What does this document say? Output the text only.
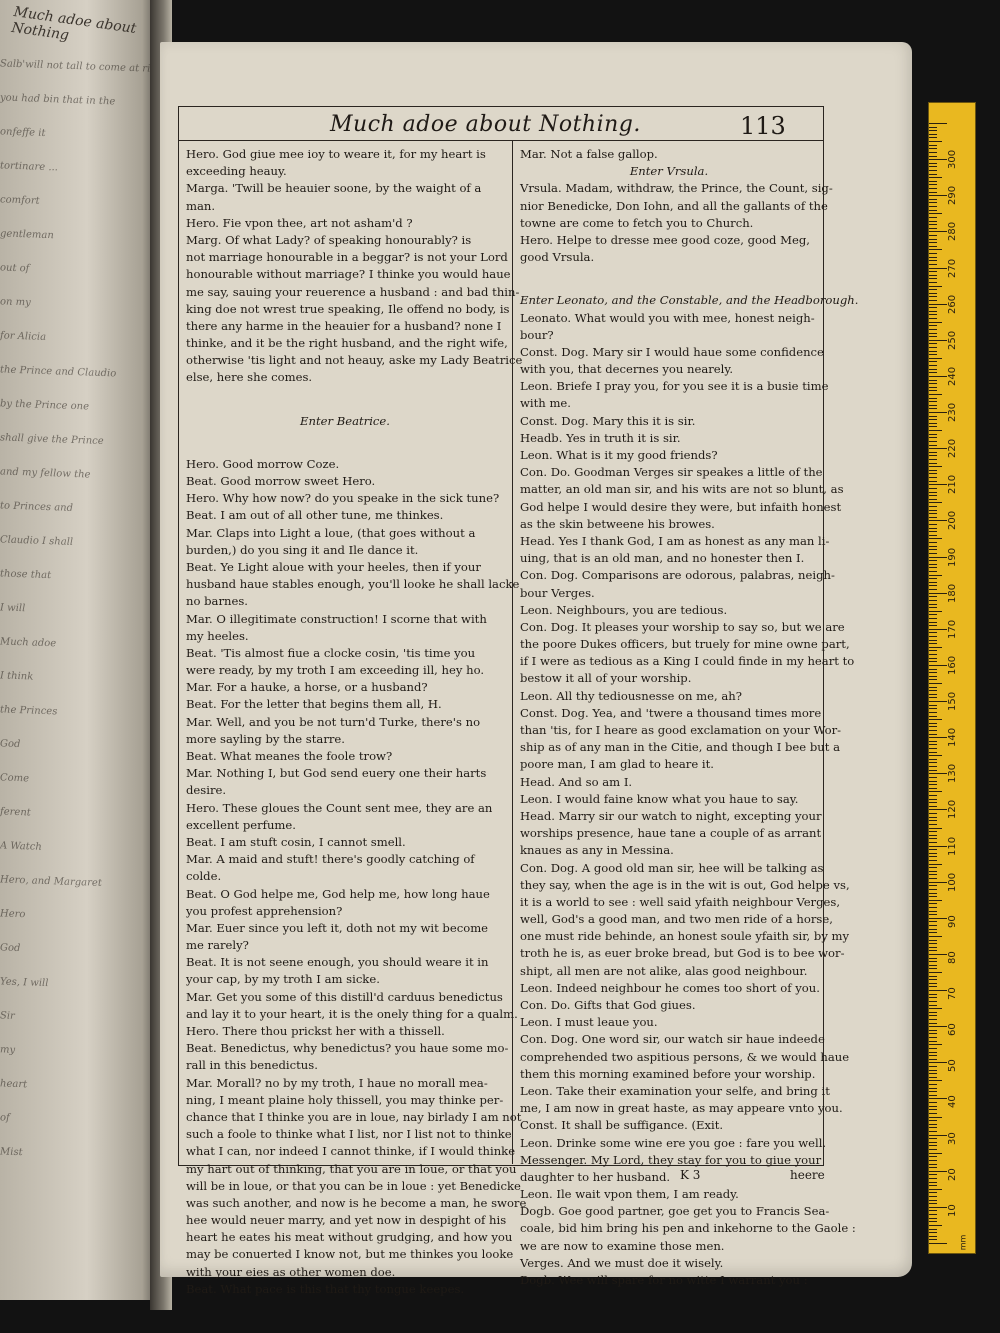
Much adoe about Nothing
Salb'will not tall to come at ri
you had bin that in the
onfeffe it
tortinare ...
comfort
gentleman
out of
on my
for Alicia
the Prince and Claudio
by the Prince one
shall give the Prince
and my fellow the
to Princes and
Claudio I shall
those that
I will
Much adoe
I think
the Princes
God
Come
ferent
A Watch
Hero, and Margaret
Hero
God
Yes, I will
Sir
my
heart
of
Mist
Much adoe about Nothing.	113
Hero. God giue mee ioy to weare it, for my heart is
exceeding heauy.
Marga. 'Twill be heauier soone, by the waight of a
man.
Hero. Fie vpon thee, art not asham'd ?
Marg. Of what Lady? of speaking honourably? is
not marriage honourable in a beggar? is not your Lord
honourable without marriage? I thinke you would haue
me say, sauing your reuerence a husband : and bad thin-
king doe not wrest true speaking, Ile offend no body, is
there any harme in the heauier for a husband? none I
thinke, and it be the right husband, and the right wife,
otherwise 'tis light and not heauy, aske my Lady Beatrice
else, here she comes.
Enter Beatrice.
Hero. Good morrow Coze.
Beat. Good morrow sweet Hero.
Hero. Why how now? do you speake in the sick tune?
Beat. I am out of all other tune, me thinkes.
Mar. Claps into Light a loue, (that goes without a
burden,) do you sing it and Ile dance it.
Beat. Ye Light aloue with your heeles, then if your
husband haue stables enough, you'll looke he shall lacke
no barnes.
Mar. O illegitimate construction! I scorne that with
my heeles.
Beat. 'Tis almost fiue a clocke cosin, 'tis time you
were ready, by my troth I am exceeding ill, hey ho.
Mar. For a hauke, a horse, or a husband?
Beat. For the letter that begins them all, H.
Mar. Well, and you be not turn'd Turke, there's no
more sayling by the starre.
Beat. What meanes the foole trow?
Mar. Nothing I, but God send euery one their harts
desire.
Hero. These gloues the Count sent mee, they are an
excellent perfume.
Beat. I am stuft cosin, I cannot smell.
Mar. A maid and stuft! there's goodly catching of
colde.
Beat. O God helpe me, God help me, how long haue
you profest apprehension?
Mar. Euer since you left it, doth not my wit become
me rarely?
Beat. It is not seene enough, you should weare it in
your cap, by my troth I am sicke.
Mar. Get you some of this distill'd carduus benedictus
and lay it to your heart, it is the onely thing for a qualm.
Hero. There thou prickst her with a thissell.
Beat. Benedictus, why benedictus? you haue some mo-
rall in this benedictus.
Mar. Morall? no by my troth, I haue no morall mea-
ning, I meant plaine holy thissell, you may thinke per-
chance that I thinke you are in loue, nay birlady I am not
such a foole to thinke what I list, nor I list not to thinke
what I can, nor indeed I cannot thinke, if I would thinke
my hart out of thinking, that you are in loue, or that you
will be in loue, or that you can be in loue : yet Benedicke
was such another, and now is he become a man, he swore
hee would neuer marry, and yet now in despight of his
heart he eates his meat without grudging, and how you
may be conuerted I know not, but me thinkes you looke
with your eies as other women doe.
Beat. What pace is this that thy tongue keepes.
Mar. Not a false gallop.
Enter Vrsula.
Vrsula. Madam, withdraw, the Prince, the Count, sig-
nior Benedicke, Don Iohn, and all the gallants of the
towne are come to fetch you to Church.
Hero. Helpe to dresse mee good coze, good Meg,
good Vrsula.
Enter Leonato, and the Constable, and the Headborough.
Leonato. What would you with mee, honest neigh-
bour?
Const. Dog. Mary sir I would haue some confidence
with you, that decernes you nearely.
Leon. Briefe I pray you, for you see it is a busie time
with me.
Const. Dog. Mary this it is sir.
Headb. Yes in truth it is sir.
Leon. What is it my good friends?
Con. Do. Goodman Verges sir speakes a little of the
matter, an old man sir, and his wits are not so blunt, as
God helpe I would desire they were, but infaith honest
as the skin betweene his browes.
Head. Yes I thank God, I am as honest as any man li-
uing, that is an old man, and no honester then I.
Con. Dog. Comparisons are odorous, palabras, neigh-
bour Verges.
Leon. Neighbours, you are tedious.
Con. Dog. It pleases your worship to say so, but we are
the poore Dukes officers, but truely for mine owne part,
if I were as tedious as a King I could finde in my heart to
bestow it all of your worship.
Leon. All thy tediousnesse on me, ah?
Const. Dog. Yea, and 'twere a thousand times more
than 'tis, for I heare as good exclamation on your Wor-
ship as of any man in the Citie, and though I bee but a
poore man, I am glad to heare it.
Head. And so am I.
Leon. I would faine know what you haue to say.
Head. Marry sir our watch to night, excepting your
worships presence, haue tane a couple of as arrant
knaues as any in Messina.
Con. Dog. A good old man sir, hee will be talking as
they say, when the age is in the wit is out, God helpe vs,
it is a world to see : well said yfaith neighbour Verges,
well, God's a good man, and two men ride of a horse,
one must ride behinde, an honest soule yfaith sir, by my
troth he is, as euer broke bread, but God is to bee wor-
shipt, all men are not alike, alas good neighbour.
Leon. Indeed neighbour he comes too short of you.
Con. Do. Gifts that God giues.
Leon. I must leaue you.
Con. Dog. One word sir, our watch sir haue indeede
comprehended two aspitious persons, & we would haue
them this morning examined before your worship.
Leon. Take their examination your selfe, and bring it
me, I am now in great haste, as may appeare vnto you.
Const. It shall be suffigance. (Exit.
Leon. Drinke some wine ere you goe : fare you well.
Messenger. My Lord, they stay for you to giue your
daughter to her husband.
Leon. Ile wait vpon them, I am ready.
Dogb. Goe good partner, goe get you to Francis Sea-
coale, bid him bring his pen and inkehorne to the Gaole :
we are now to examine those men.
Verges. And we must doe it wisely.
Dogb. Wee will spare for no witte I warrant you :
K 3	heere
mm
300
290
280
270
260
250
240
230
220
210
200
190
180
170
160
150
140
130
120
110
100
90
80
70
60
50
40
30
20
10
